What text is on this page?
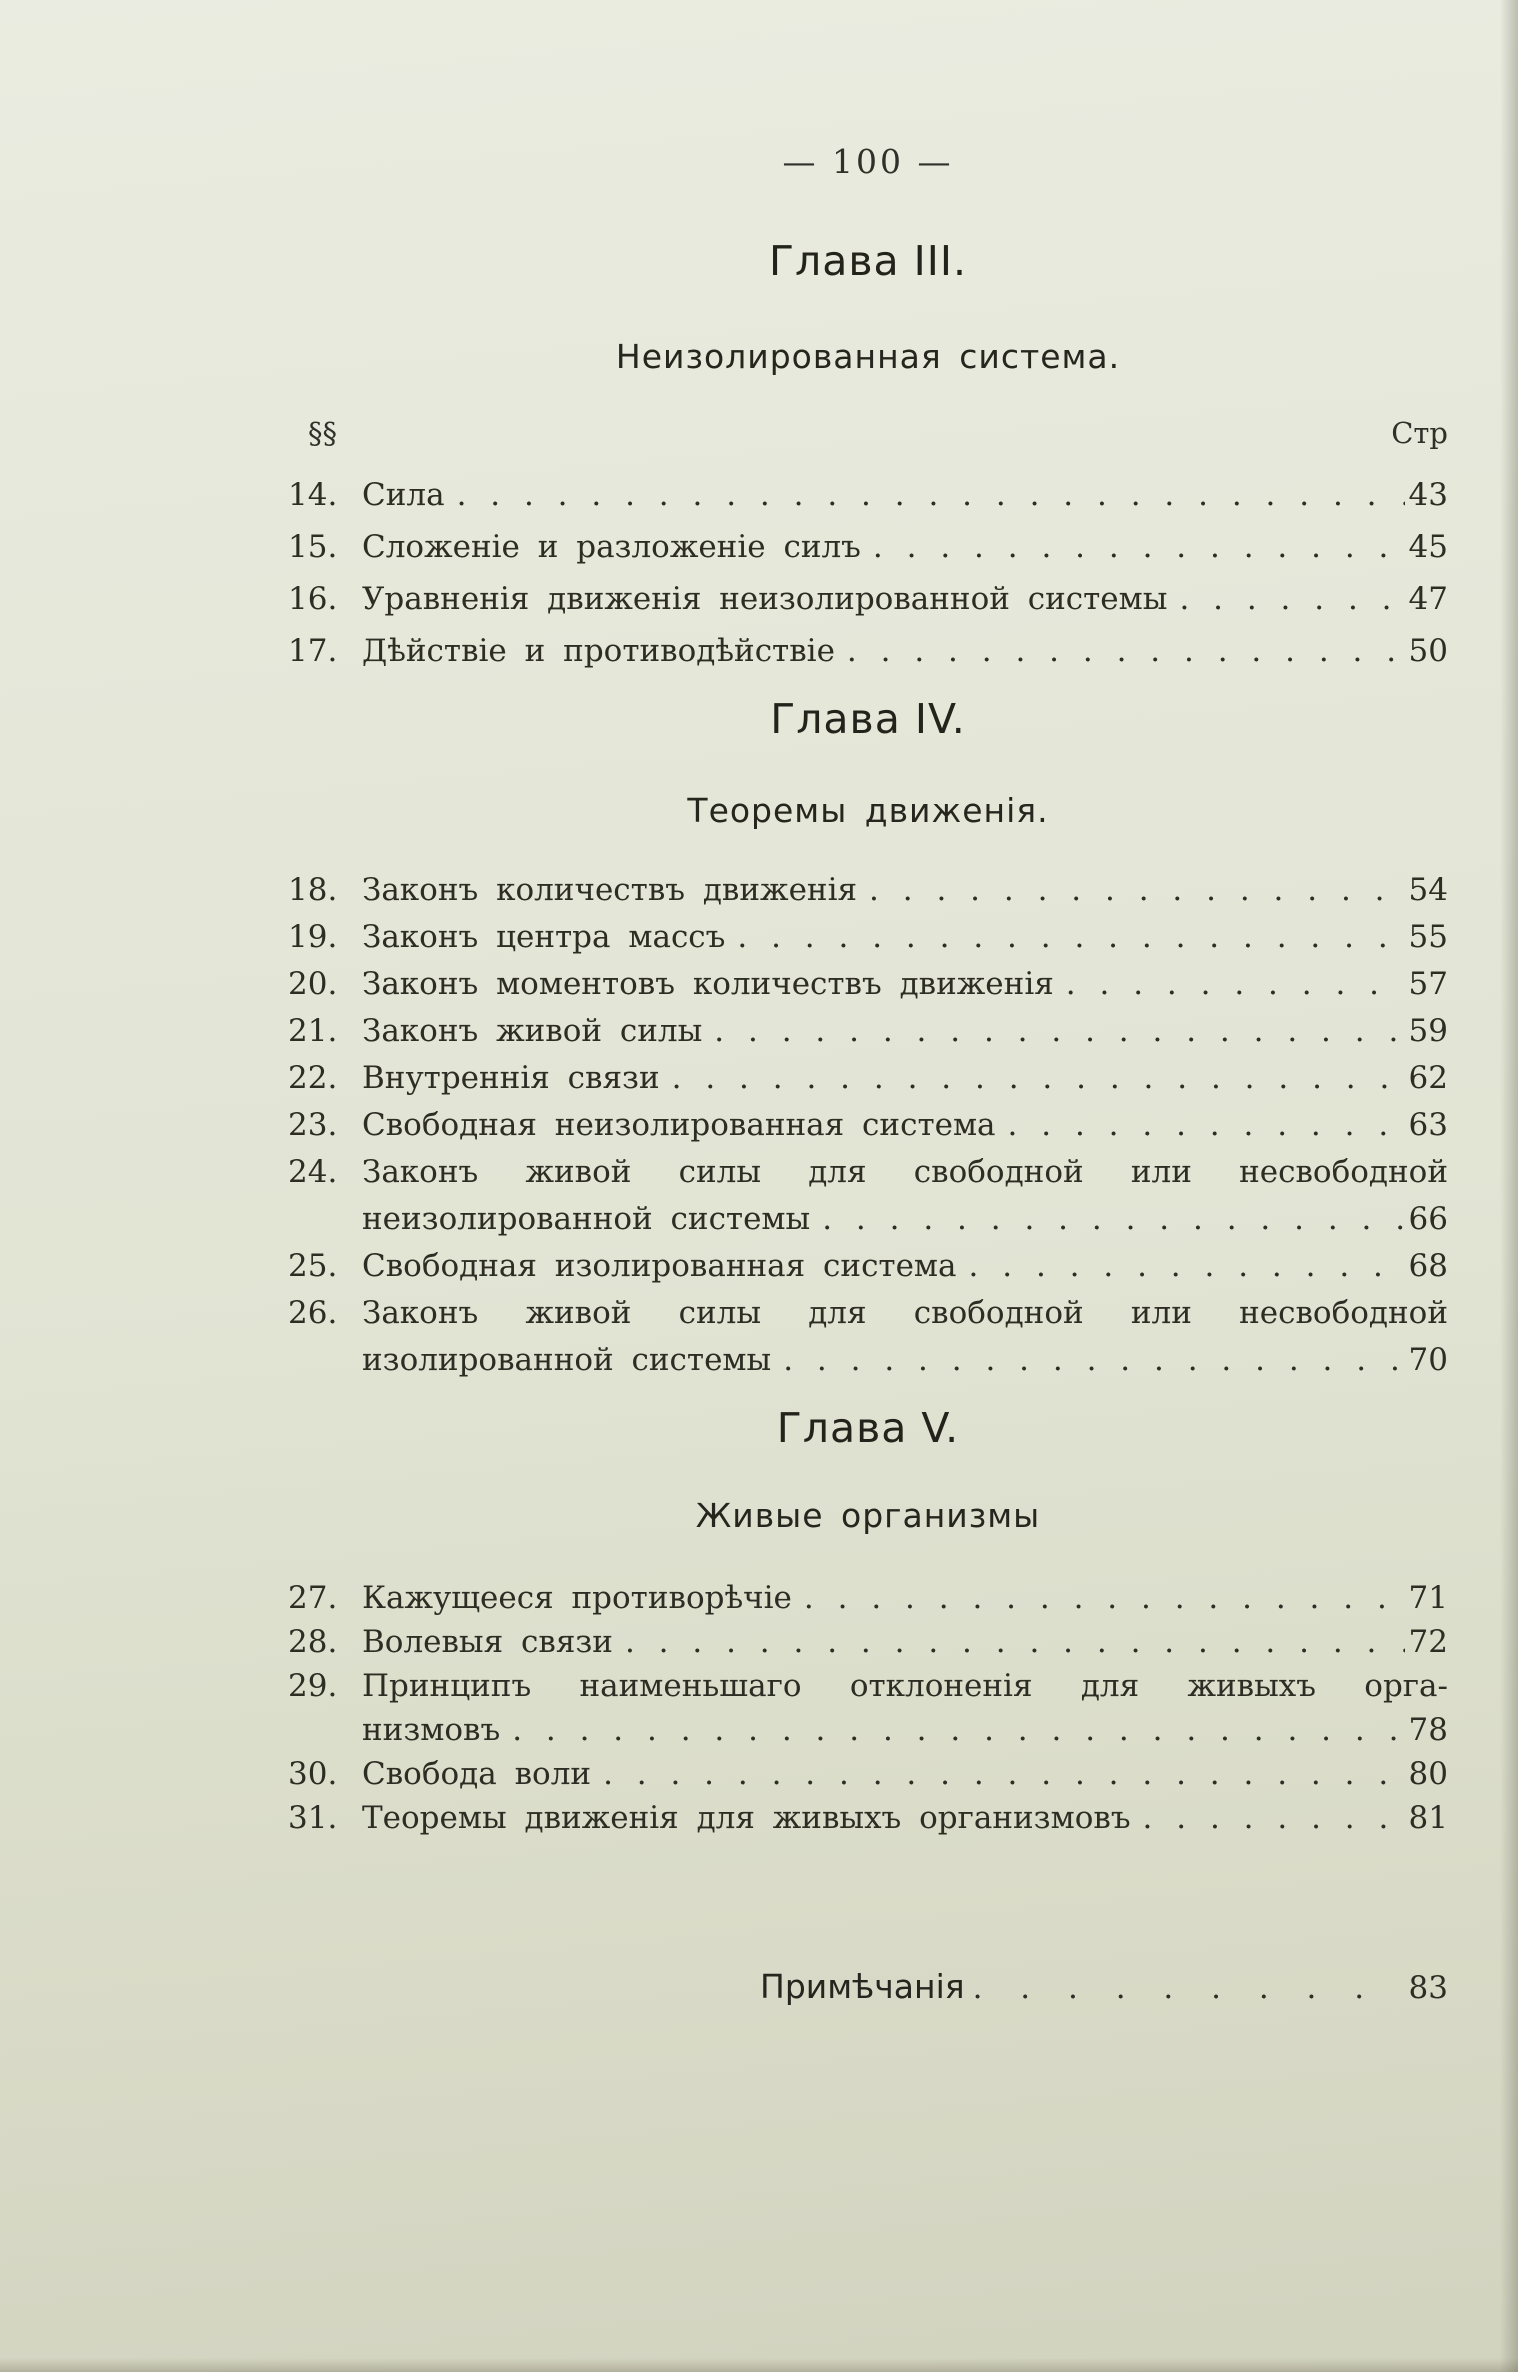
— 100 —
Глава III.
Неизолированная система.
§§	Стр
14. Сила . . .	43
15. Сложеніе и разложеніе силъ . . .	45
16. Уравненія движенія неизолированной системы . . .	47
17. Дѣйствіе и противодѣйствіе . . .	50
Глава IV.
Теоремы движенія.
18. Законъ количествъ движенія . . .	54
19. Законъ центра массъ . . .	55
20. Законъ моментовъ количествъ движенія . . .	57
21. Законъ живой силы . . .	59
22. Внутреннія связи . . .	62
23. Свободная неизолированная система . . .	63
24. Законъ живой силы для свободной или несвободной
неизолированной системы . . .	66
25. Свободная изолированная система . . .	68
26. Законъ живой силы для свободной или несвободной
изолированной системы . . .	70
Глава V.
Живые организмы
27. Кажущееся противорѣчіе . . .	71
28. Волевыя связи . . .	72
29. Принципъ наименьшаго отклоненія для живыхъ орга-
низмовъ . . .	78
30. Свобода воли . . .	80
31. Теоремы движенія для живыхъ организмовъ . . .	81
Примѣчанія . . .	83
